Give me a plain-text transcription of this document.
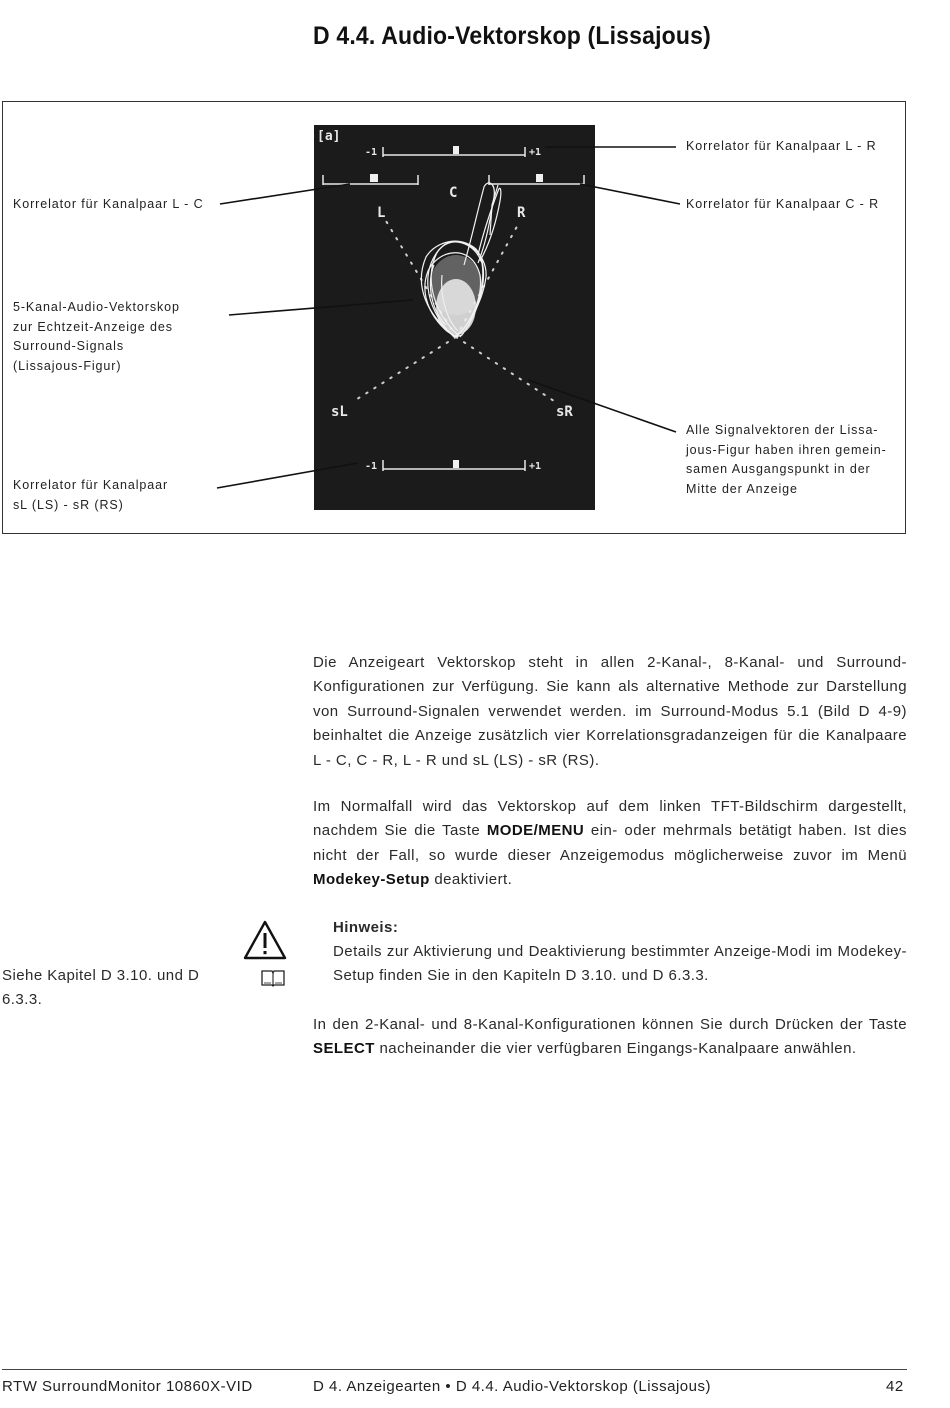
D 4.4. Audio-Vektorskop (Lissajous)
[a]
-1	+1
-1	+1
L
C
R
sL	sR
Korrelator für Kanalpaar L - R
Korrelator für Kanalpaar L - C	Korrelator für Kanalpaar C - R
5-Kanal-Audio-Vektorskop
zur Echtzeit-Anzeige des
Surround-Signals
(Lissajous-Figur)
Alle Signalvektoren der Lissa-
jous-Figur haben ihren gemein-
samen Ausgangspunkt in der
Mitte der Anzeige
Korrelator für Kanalpaar
sL (LS) - sR (RS)

Die Anzeigeart Vektorskop steht in allen 2-Kanal-, 8-Kanal- und Surround-Konfigurationen zur Verfügung. Sie kann als alternative Methode zur Darstellung von Surround-Signalen verwendet werden. im Surround-Modus 5.1 (Bild D 4-9) beinhaltet die Anzeige zusätzlich vier Korrelationsgradanzeigen für die Kanalpaare L - C, C - R, L - R und sL (LS) - sR (RS).

Im Normalfall wird das Vektorskop auf dem linken TFT-Bildschirm dargestellt, nachdem Sie die Taste MODE/MENU ein- oder mehrmals betätigt haben. Ist dies nicht der Fall, so wurde dieser Anzeigemodus möglicherweise zuvor im Menü Modekey-Setup deaktiviert.

Hinweis:

Details zur Aktivierung und Deaktivierung bestimmter Anzeige-Modi im Modekey-Setup finden Sie in den Kapiteln D 3.10. und D 6.3.3.

Siehe Kapitel D 3.10. und D 6.3.3.

In den 2-Kanal- und 8-Kanal-Konfigurationen können Sie durch Drücken der Taste SELECT nacheinander die vier verfügbaren Eingangs-Kanalpaare anwählen.

RTW SurroundMonitor 10860X-VID	D 4. Anzeigearten • D 4.4. Audio-Vektorskop (Lissajous)	42
